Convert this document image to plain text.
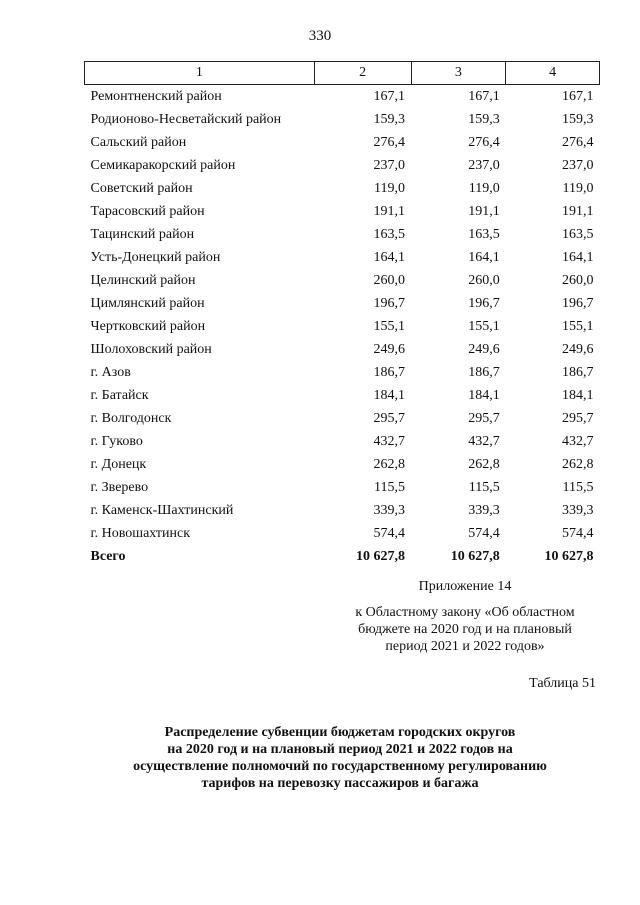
330
1	2	3	4
Ремонтненский район	167,1	167,1	167,1
Родионово-Несветайский район	159,3	159,3	159,3
Сальский район	276,4	276,4	276,4
Семикаракорский район	237,0	237,0	237,0
Советский район	119,0	119,0	119,0
Тарасовский район	191,1	191,1	191,1
Тацинский район	163,5	163,5	163,5
Усть-Донецкий район	164,1	164,1	164,1
Целинский район	260,0	260,0	260,0
Цимлянский район	196,7	196,7	196,7
Чертковский район	155,1	155,1	155,1
Шолоховский район	249,6	249,6	249,6
г. Азов	186,7	186,7	186,7
г. Батайск	184,1	184,1	184,1
г. Волгодонск	295,7	295,7	295,7
г. Гуково	432,7	432,7	432,7
г. Донецк	262,8	262,8	262,8
г. Зверево	115,5	115,5	115,5
г. Каменск-Шахтинский	339,3	339,3	339,3
г. Новошахтинск	574,4	574,4	574,4
Всего	10 627,8	10 627,8	10 627,8
Приложение 14
к Областному закону «Об областном
бюджете на 2020 год и на плановый
период 2021 и 2022 годов»
Таблица 51
Распределение субвенции бюджетам городских округов
на 2020 год и на плановый период 2021 и 2022 годов на
осуществление полномочий по государственному регулированию
тарифов на перевозку пассажиров и багажа
